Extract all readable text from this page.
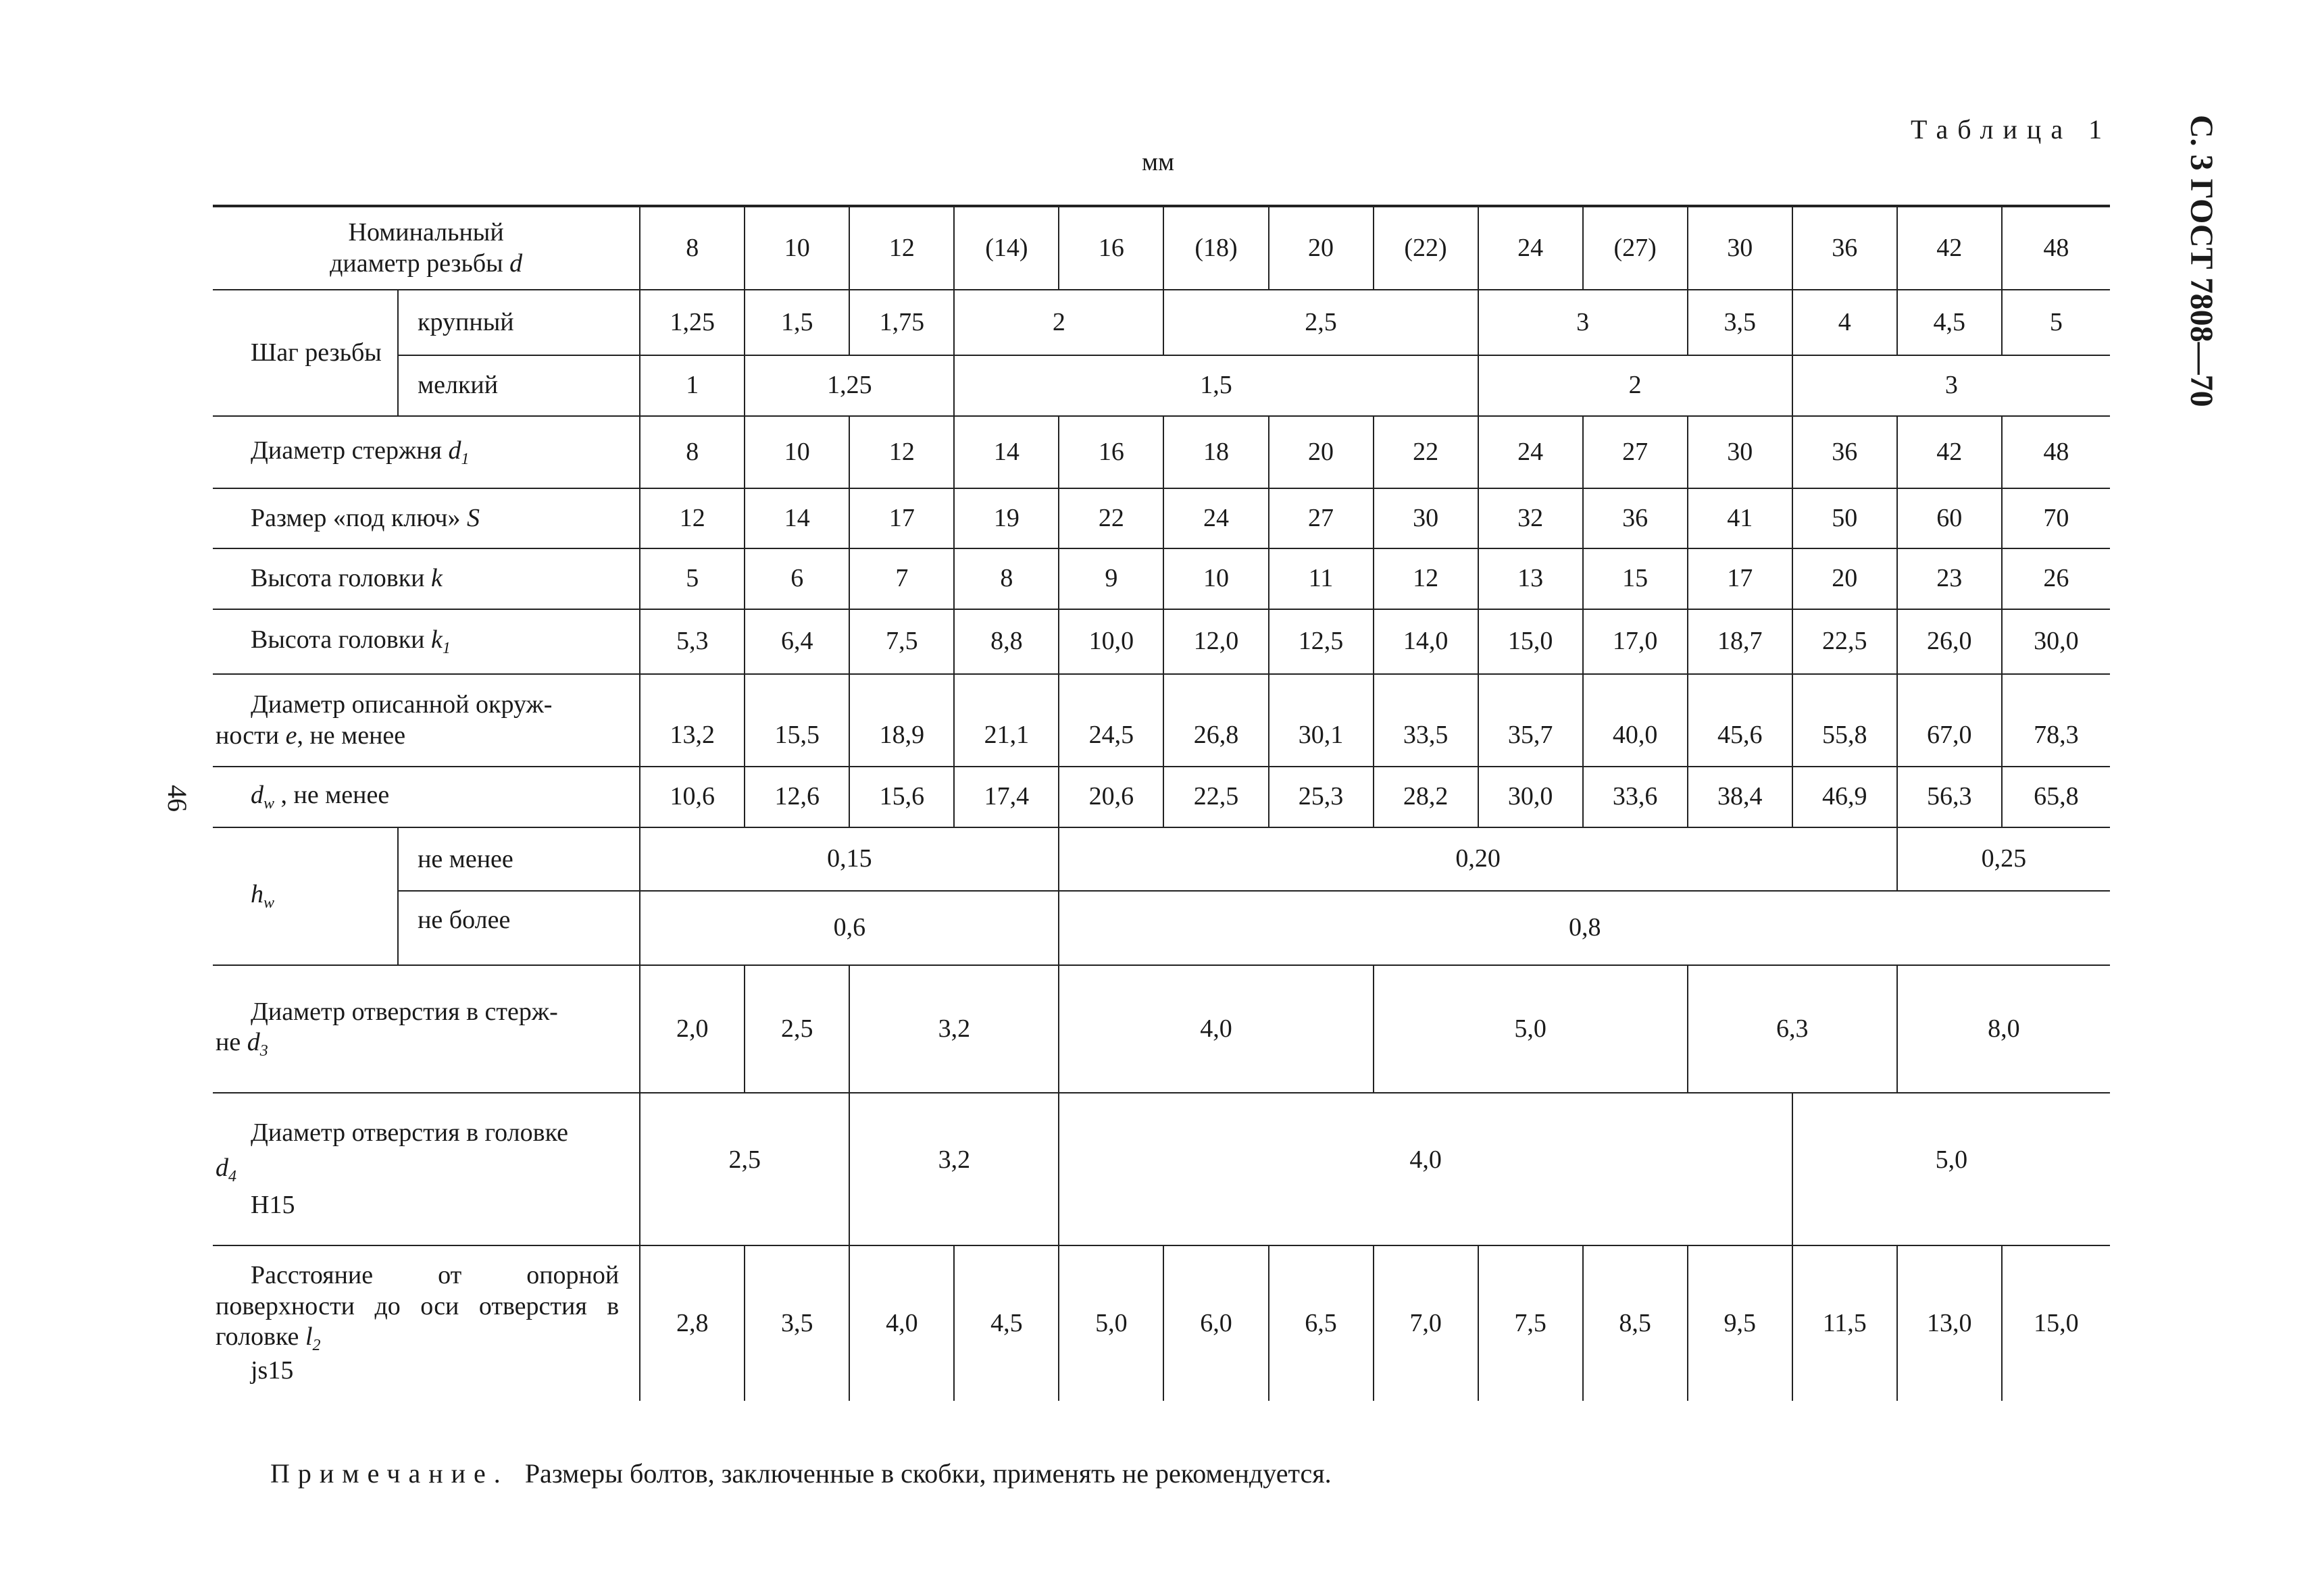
Таблица 1
мм	С. 3 ГОСТ 7808—70
46
Номинальный
диаметр резьбы d		8	10	12	(14)	16	(18)	20	(22)	24	(27)	30	36	42	48
Шаг резьбы	крупный	1,25	1,5	1,75	2		2,5			3		3,5	4	4,5	5
	мелкий	1	1,25		1,5					2			3		
Диаметр стержня $d_1$		8	10	12	14	16	18	20	22	24	27	30	36	42	48
Размер «под ключ» S		12	14	17	19	22	24	27	30	32	36	41	50	60	70
Высота головки k		5	6	7	8	9	10	11	12	13	15	17	20	23	26
Высота головки $k_1$		5,3	6,4	7,5	8,8	10,0	12,0	12,5	14,0	15,0	17,0	18,7	22,5	26,0	30,0

Диаметр описанной окруж-
ности e, не менее		13,2	15,5	18,9	21,1	24,5	26,8	30,1	33,5	35,7	40,0	45,6	55,8	67,0	78,3
$d_w$ , не менее		10,6	12,6	15,6	17,4	20,6	22,5	25,3	28,2	30,0	33,6	38,4	46,9	56,3	65,8
$h_w$	не менее	0,15				0,20								0,25	
	не более	0,6				0,8									

Диаметр отверстия в стерж-
не $d_3$		2,0	2,5	3,2		4,0			5,0			6,3		8,0	

Диаметр отверстия в головке
$d_4$
H15		2,5		3,2		4,0							5,0		

Расстояние от опорной
поверхности до оси отверстия в
головке $l_2$
js15		2,8	3,5	4,0	4,5	5,0	6,0	6,5	7,0	7,5	8,5	9,5	11,5	13,0	15,0
Примечание. Размеры болтов, заключенные в скобки, применять не рекомендуется.
